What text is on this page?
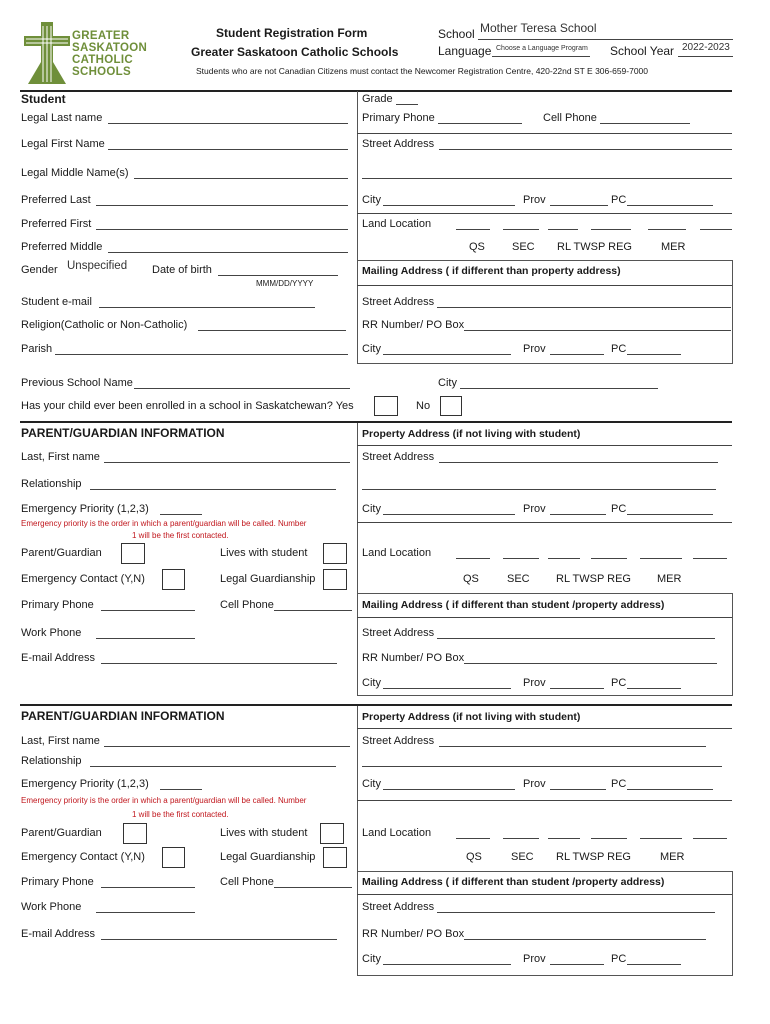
GREATER
SASKATOON
CATHOLIC
SCHOOLS
Student Registration Form
Greater Saskatoon Catholic Schools
School Mother Teresa School
Language Choose a Language Program School Year 2022-2023
Students who are not Canadian Citizens must contact the Newcomer Registration Centre, 420-22nd ST E 306-659-7000
Student
Legal Last name
Legal First Name
Legal Middle Name(s)
Preferred Last
Preferred First
Preferred Middle
Gender Unspecified Date of birth
MMM/DD/YYYY
Student e-mail
Religion(Catholic or Non-Catholic)
Parish
Grade
Primary Phone	Cell Phone
Street Address
City	Prov	PC
Land Location
QS SEC RL TWSP REG	MER
Mailing Address ( if different than property address)
Street Address
RR Number/ PO Box
City	Prov	PC
Previous School Name	City
Has your child ever been enrolled in a school in Saskatchewan? Yes	No
PARENT/GUARDIAN INFORMATION
Last, First name
Relationship
Emergency Priority (1,2,3)
Emergency priority is the order in which a parent/guardian will be called. Number
1 will be the first contacted.
Parent/Guardian	Lives with student
Emergency Contact (Y,N)	Legal Guardianship
Primary Phone	Cell Phone
Work Phone
E-mail Address
Property Address (if not living with student)
Street Address
City	Prov	PC
Land Location
QS	SEC RL TWSP REG MER
Mailing Address ( if different than student /property address)
Street Address
RR Number/ PO Box
City	Prov	PC
PARENT/GUARDIAN INFORMATION
Last, First name
Relationship
Emergency Priority (1,2,3)
Emergency priority is the order in which a parent/guardian will be called. Number
1 will be the first contacted.
Parent/Guardian	Lives with student
Emergency Contact (Y,N)	Legal Guardianship
Primary Phone	Cell Phone
Work Phone
E-mail Address
Property Address (if not living with student)
Street Address
City	Prov	PC
Land Location
QS	SEC RL TWSP REG	MER
Mailing Address ( if different than student /property address)
Street Address
RR Number/ PO Box
City	Prov	PC
